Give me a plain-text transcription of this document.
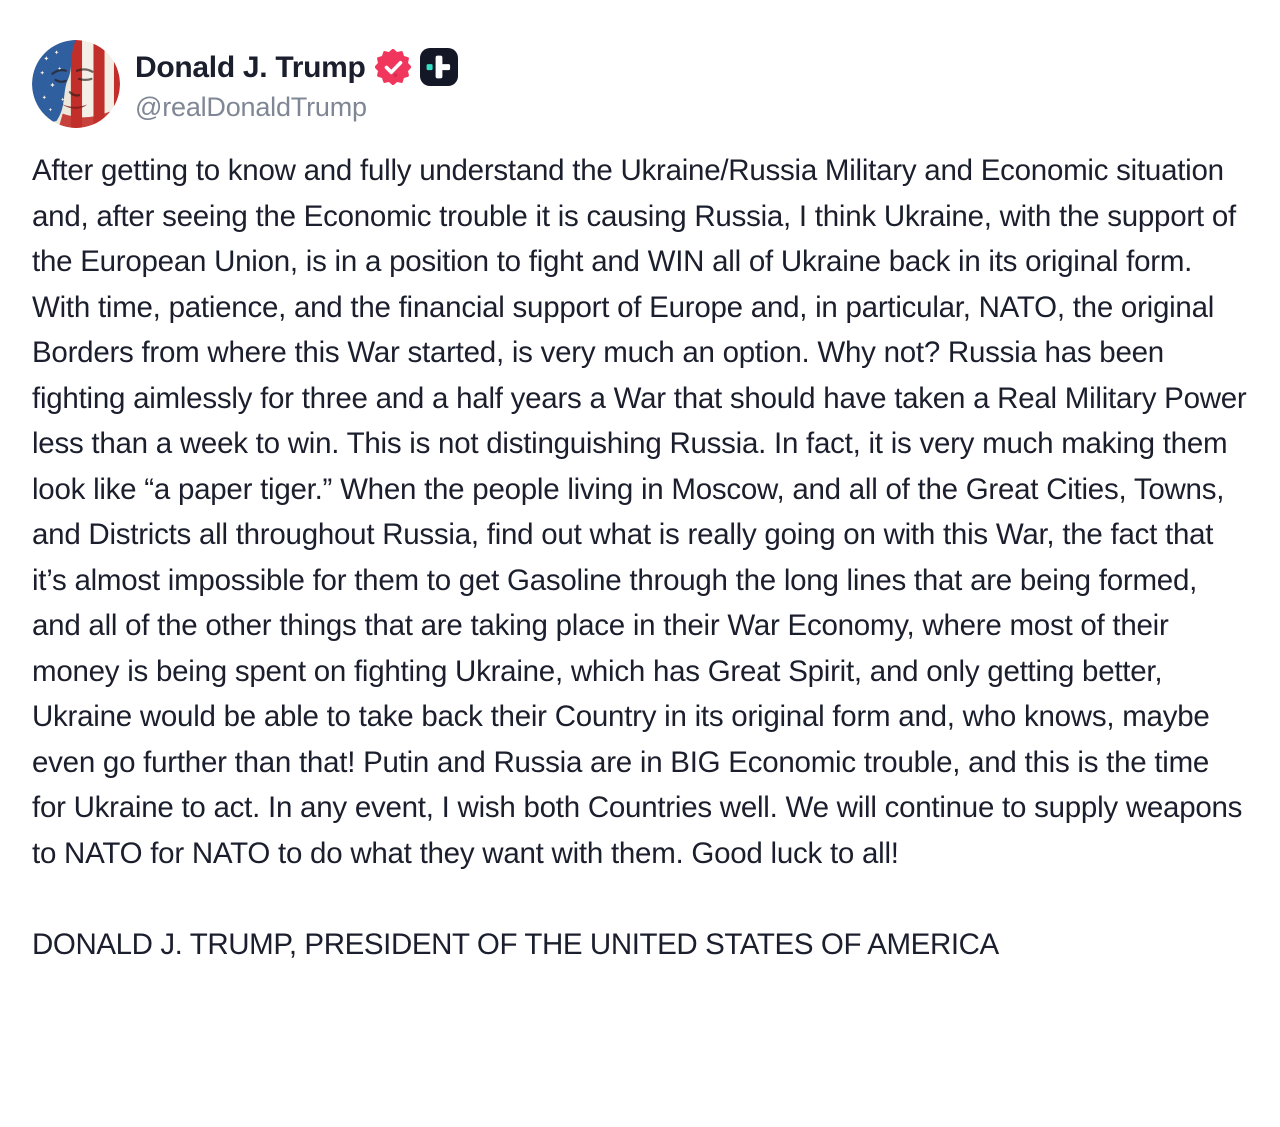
Donald J. Trump
@realDonaldTrump

After getting to know and fully understand the Ukraine/Russia Military and Economic situation and, after seeing the Economic trouble it is causing Russia, I think Ukraine, with the support of the European Union, is in a position to fight and WIN all of Ukraine back in its original form. With time, patience, and the financial support of Europe and, in particular, NATO, the original Borders from where this War started, is very much an option. Why not? Russia has been fighting aimlessly for three and a half years a War that should have taken a Real Military Power less than a week to win. This is not distinguishing Russia. In fact, it is very much making them look like “a paper tiger.” When the people living in Moscow, and all of the Great Cities, Towns, and Districts all throughout Russia, find out what is really going on with this War, the fact that it’s almost impossible for them to get Gasoline through the long lines that are being formed, and all of the other things that are taking place in their War Economy, where most of their money is being spent on fighting Ukraine, which has Great Spirit, and only getting better, Ukraine would be able to take back their Country in its original form and, who knows, maybe even go further than that! Putin and Russia are in BIG Economic trouble, and this is the time for Ukraine to act. In any event, I wish both Countries well. We will continue to supply weapons to NATO for NATO to do what they want with them. Good luck to all!

DONALD J. TRUMP, PRESIDENT OF THE UNITED STATES OF AMERICA
